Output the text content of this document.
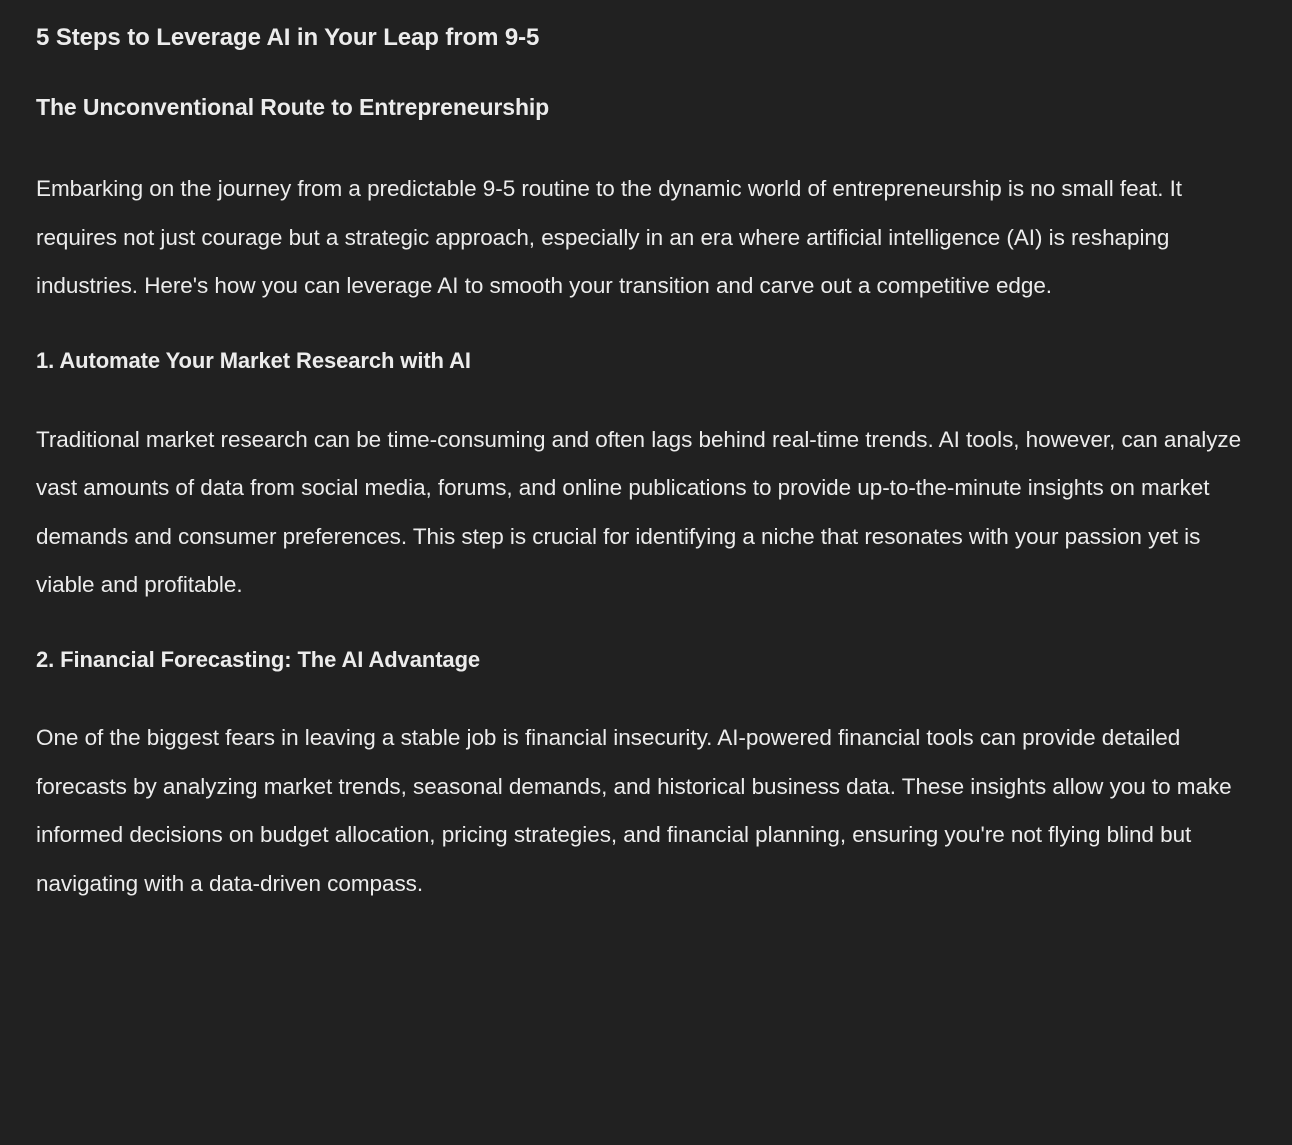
5 Steps to Leverage AI in Your Leap from 9-5
The Unconventional Route to Entrepreneurship

Embarking on the journey from a predictable 9-5 routine to the dynamic world of entrepreneurship is no small feat. It requires not just courage but a strategic approach, especially in an era where artificial intelligence (AI) is reshaping industries. Here's how you can leverage AI to smooth your transition and carve out a competitive edge.

1. Automate Your Market Research with AI

Traditional market research can be time-consuming and often lags behind real-time trends. AI tools, however, can analyze vast amounts of data from social media, forums, and online publications to provide up-to-the-minute insights on market demands and consumer preferences. This step is crucial for identifying a niche that resonates with your passion yet is viable and profitable.

2. Financial Forecasting: The AI Advantage

One of the biggest fears in leaving a stable job is financial insecurity. AI-powered financial tools can provide detailed forecasts by analyzing market trends, seasonal demands, and historical business data. These insights allow you to make informed decisions on budget allocation, pricing strategies, and financial planning, ensuring you're not flying blind but navigating with a data-driven compass.
